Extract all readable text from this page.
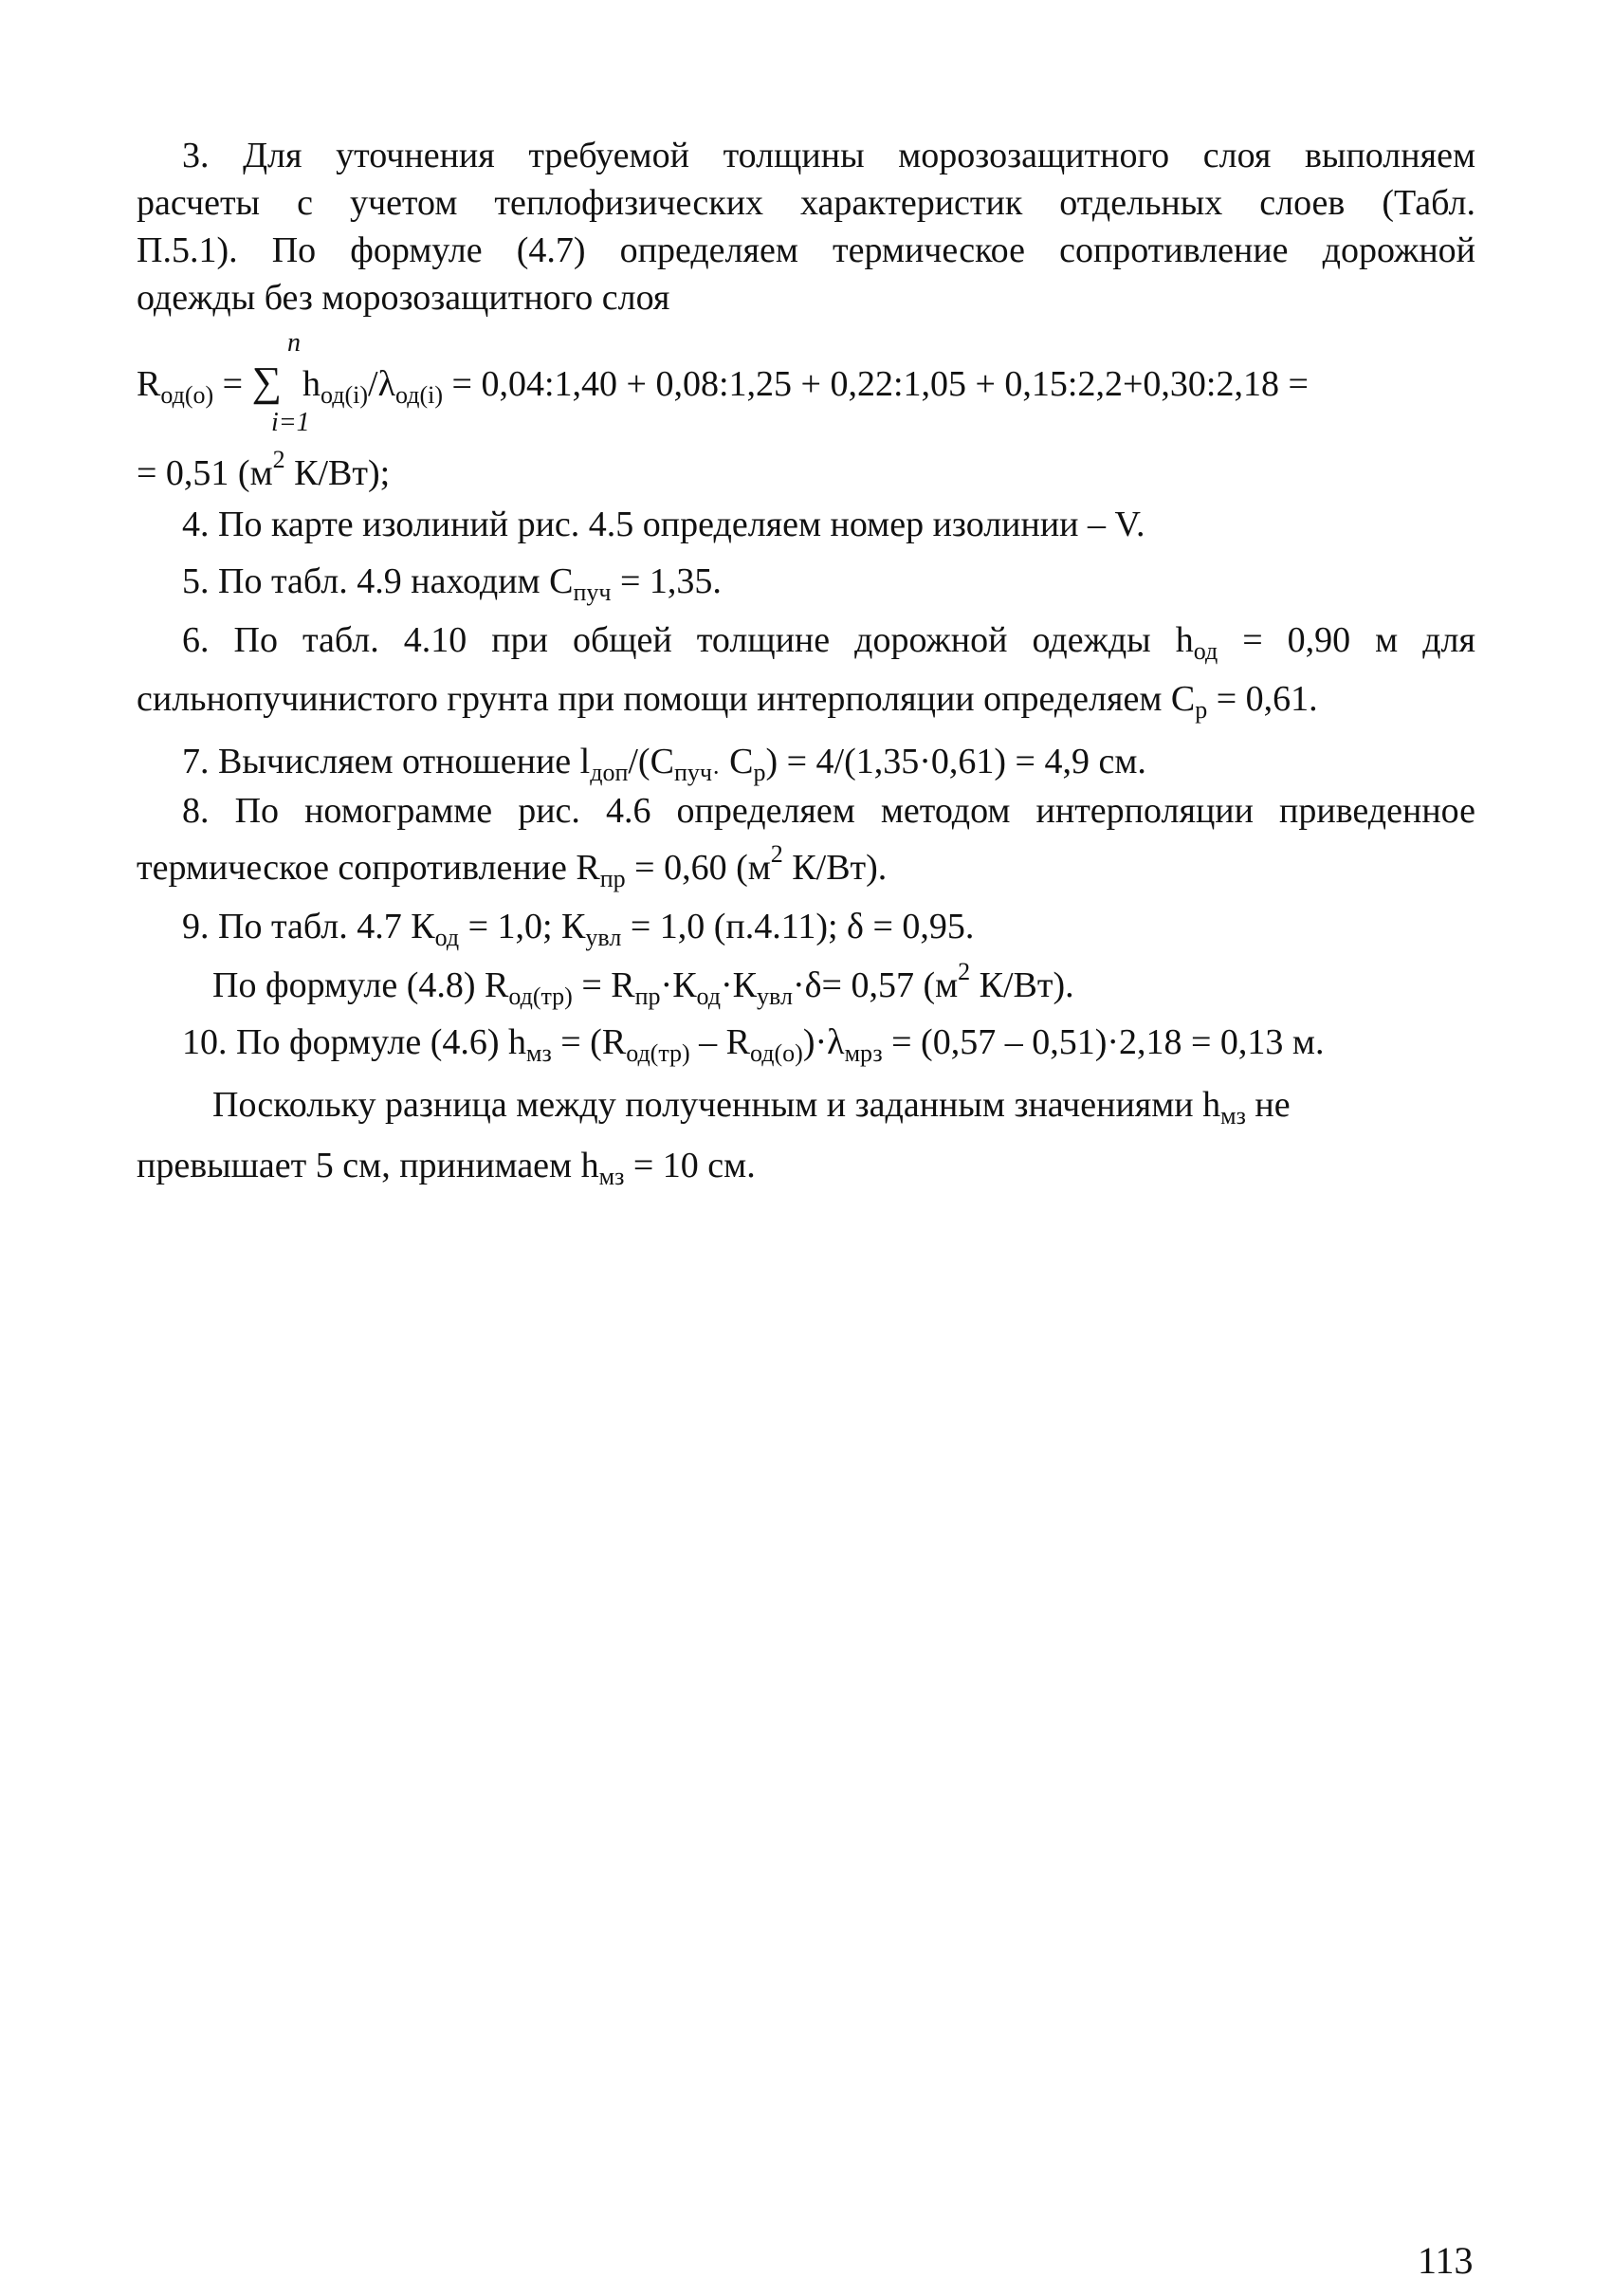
3. Для уточнения требуемой толщины морозозащитного слоя выполняем

расчеты с учетом теплофизических характеристик отдельных слоев (Табл.

П.5.1). По формуле (4.7) определяем термическое сопротивление дорожной

одежды без морозозащитного слоя

n

$R_{од(o)}$ = ∑ $h_{од(i)}/\lambda_{од(i)}$ = 0,04:1,40 + 0,08:1,25 + 0,22:1,05 + 0,15:2,2+0,30:2,18 =

i=1

= 0,51 ($м^2$ К/Вт);

4. По карте изолиний рис. 4.5 определяем номер изолинии – V.

5. По табл. 4.9 находим $С_{пуч} = 1,35$.

6. По табл. 4.10 при общей толщине дорожной одежды $h_{од} = 0,90$ м для

сильнопучинистого грунта при помощи интерполяции определяем $С_р = 0,61$.

7. Вычисляем отношение $l_{доп}/(С_{пуч\cdot}$ $С_р) = 4/(1,35\cdot 0,61) = 4,9$ см.

8. По номограмме рис. 4.6 определяем методом интерполяции приведенное

термическое сопротивление $R_{пр} = 0,60$ ($м^2$ К/Вт).

9. По табл. 4.7 $К_{од} = 1,0$; $К_{увл} = 1,0$ (п.4.11); δ = 0,95.

По формуле (4.8) $R_{од(тр)} = R_{пр}\cdot К_{од}\cdot К_{увл}\cdot\delta= 0,57$ ($м^2$ К/Вт).

10. По формуле (4.6) $h_{мз} = (R_{од(тр)} - R_{од(о)})\cdot\lambda_{мрз} = (0,57 - 0,51)\cdot 2,18 = 0,13$ м.

Поскольку разница между полученным и заданным значениями $h_{мз}$ не

превышает 5 см, принимаем $h_{мз} = 10$ см.

113
